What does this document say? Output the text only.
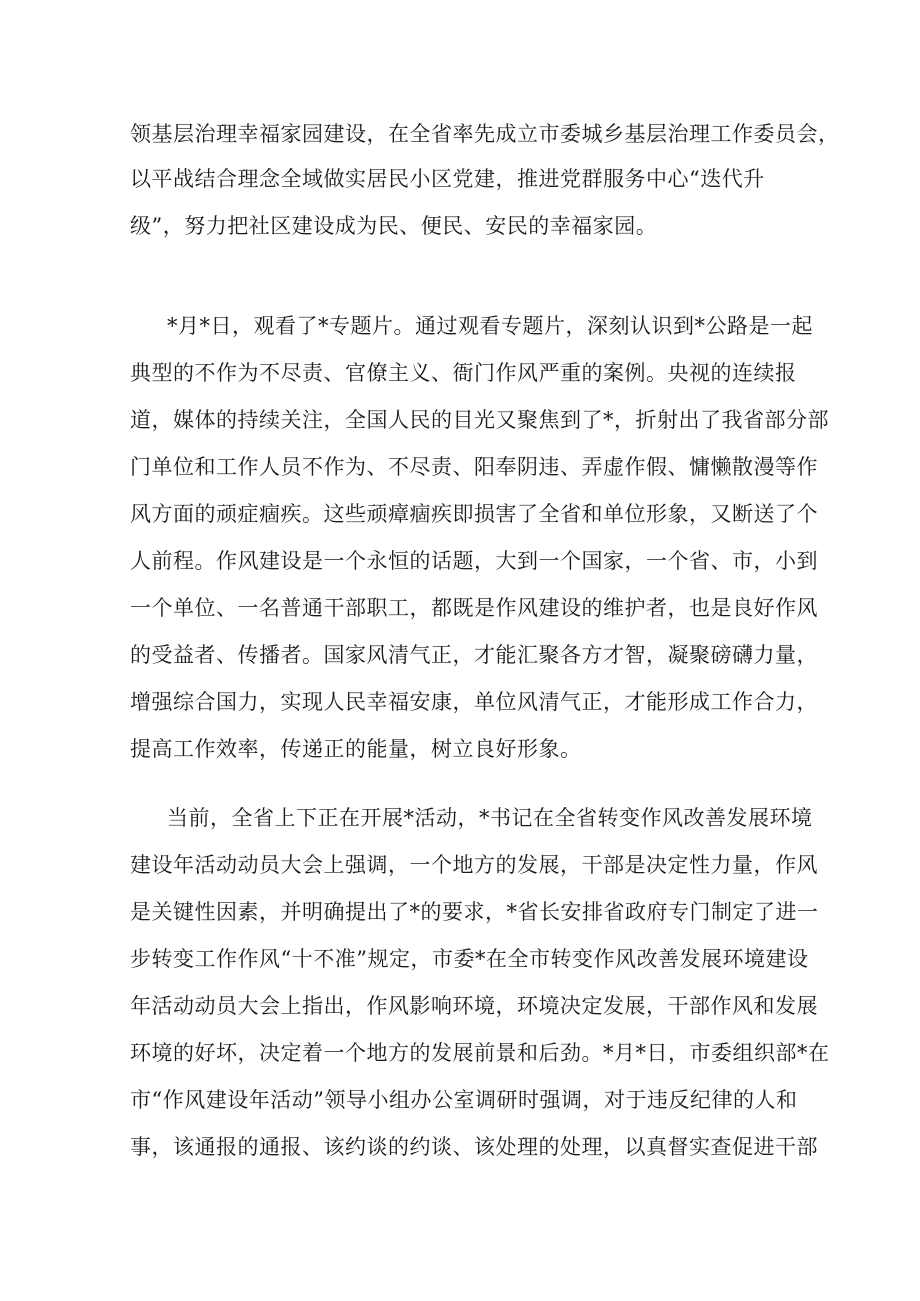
领基层治理幸福家园建设，在全省率先成立市委城乡基层治理工作委员会，
以平战结合理念全域做实居民小区党建，推进党群服务中心“迭代升
级”，努力把社区建设成为民、便民、安民的幸福家园。
*月*日，观看了*专题片。通过观看专题片，深刻认识到*公路是一起
典型的不作为不尽责、官僚主义、衙门作风严重的案例。央视的连续报
道，媒体的持续关注，全国人民的目光又聚焦到了*，折射出了我省部分部
门单位和工作人员不作为、不尽责、阳奉阴违、弄虚作假、慵懒散漫等作
风方面的顽症痼疾。这些顽瘴痼疾即损害了全省和单位形象，又断送了个
人前程。作风建设是一个永恒的话题，大到一个国家，一个省、市，小到
一个单位、一名普通干部职工，都既是作风建设的维护者，也是良好作风
的受益者、传播者。国家风清气正，才能汇聚各方才智，凝聚磅礴力量，
增强综合国力，实现人民幸福安康，单位风清气正，才能形成工作合力，
提高工作效率，传递正的能量，树立良好形象。
当前，全省上下正在开展*活动，*书记在全省转变作风改善发展环境
建设年活动动员大会上强调，一个地方的发展，干部是决定性力量，作风
是关键性因素，并明确提出了*的要求，*省长安排省政府专门制定了进一
步转变工作作风“十不准”规定，市委*在全市转变作风改善发展环境建设
年活动动员大会上指出，作风影响环境，环境决定发展，干部作风和发展
环境的好坏，决定着一个地方的发展前景和后劲。*月*日，市委组织部*在
市“作风建设年活动”领导小组办公室调研时强调，对于违反纪律的人和
事，该通报的通报、该约谈的约谈、该处理的处理，以真督实查促进干部
